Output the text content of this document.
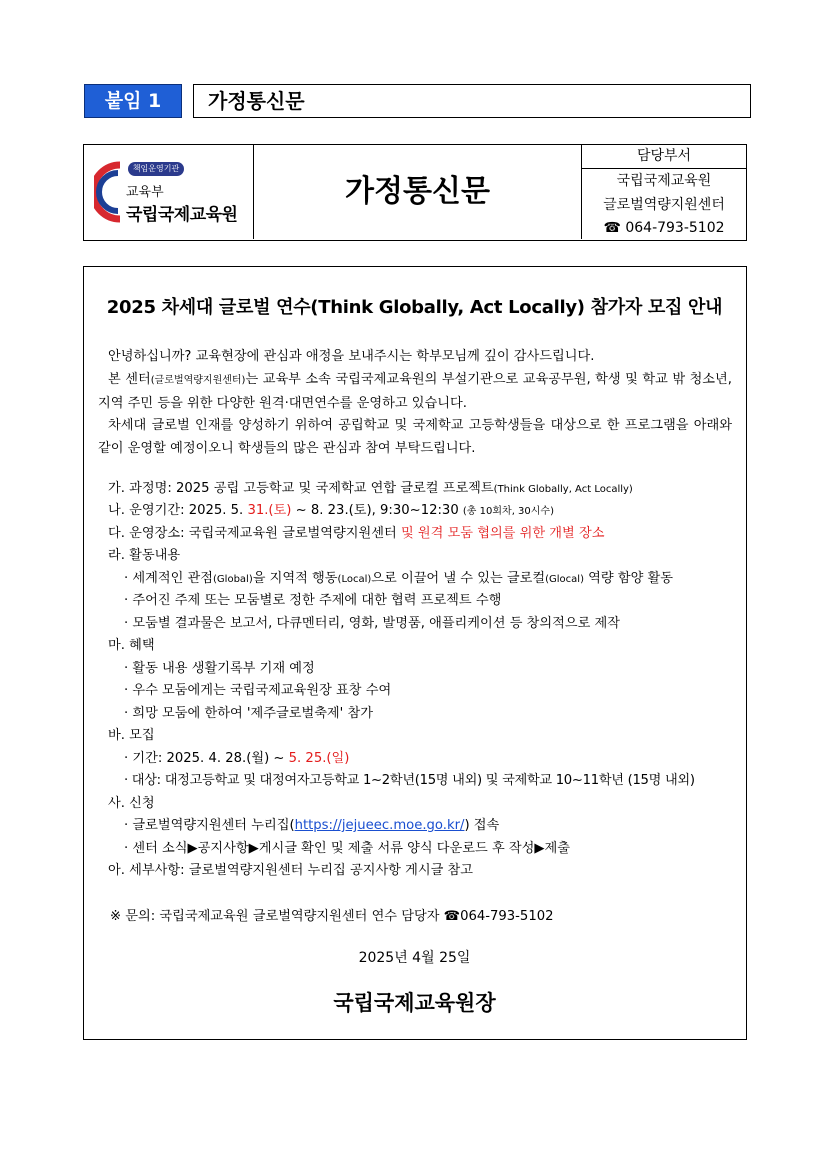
붙임 1	가정통신문
책임운영기관
교육부
국립국제교육원
가정통신문
담당부서
국립국제교육원
글로벌역량지원센터
☎ 064-793-5102
2025 차세대 글로벌 연수(Think Globally, Act Locally) 참가자 모집 안내
안녕하십니까? 교육현장에 관심과 애정을 보내주시는 학부모님께 깊이 감사드립니다.
본 센터(글로벌역량지원센터)는 교육부 소속 국립국제교육원의 부설기관으로 교육공무원, 학생 및 학교 밖 청소년, 지역 주민 등을 위한 다양한 원격·대면연수를 운영하고 있습니다.
차세대 글로벌 인재를 양성하기 위하여 공립학교 및 국제학교 고등학생들을 대상으로 한 프로그램을 아래와 같이 운영할 예정이오니 학생들의 많은 관심과 참여 부탁드립니다.
가. 과정명: 2025 공립 고등학교 및 국제학교 연합 글로컬 프로젝트(Think Globally, Act Locally)
나. 운영기간: 2025. 5. 31.(토) ~ 8. 23.(토), 9:30~12:30 (총 10회차, 30시수)
다. 운영장소: 국립국제교육원 글로벌역량지원센터 및 원격 모둠 협의를 위한 개별 장소
라. 활동내용
· 세계적인 관점(Global)을 지역적 행동(Local)으로 이끌어 낼 수 있는 글로컬(Glocal) 역량 함양 활동
· 주어진 주제 또는 모둠별로 정한 주제에 대한 협력 프로젝트 수행
· 모둠별 결과물은 보고서, 다큐멘터리, 영화, 발명품, 애플리케이션 등 창의적으로 제작
마. 혜택
· 활동 내용 생활기록부 기재 예정
· 우수 모둠에게는 국립국제교육원장 표창 수여
· 희망 모둠에 한하여 '제주글로벌축제' 참가
바. 모집
· 기간: 2025. 4. 28.(월) ~ 5. 25.(일)
· 대상: 대정고등학교 및 대정여자고등학교 1~2학년(15명 내외) 및 국제학교 10~11학년 (15명 내외)
사. 신청
· 글로벌역량지원센터 누리집(https://jejueec.moe.go.kr/) 접속
· 센터 소식▶공지사항▶게시글 확인 및 제출 서류 양식 다운로드 후 작성▶제출
아. 세부사항: 글로벌역량지원센터 누리집 공지사항 게시글 참고
※ 문의: 국립국제교육원 글로벌역량지원센터 연수 담당자 ☎064-793-5102
2025년 4월 25일
국립국제교육원장
